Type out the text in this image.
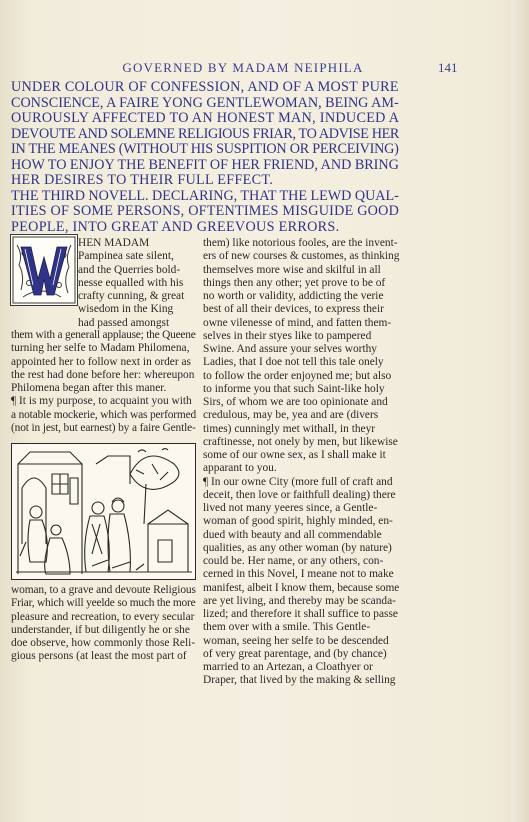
GOVERNED BY MADAM NEIPHILA	141
UNDER COLOUR OF CONFESSION, AND OF A MOST PURE
CONSCIENCE, A FAIRE YONG GENTLEWOMAN, BEING AM-
OUROUSLY AFFECTED TO AN HONEST MAN, INDUCED A
DEVOUTE AND SOLEMNE RELIGIOUS FRIAR, TO ADVISE HER
IN THE MEANES (WITHOUT HIS SUSPITION OR PERCEIVING)
HOW TO ENJOY THE BENEFIT OF HER FRIEND, AND BRING
HER DESIRES TO THEIR FULL EFFECT.
THE THIRD NOVELL. DECLARING, THAT THE LEWD QUAL-
ITIES OF SOME PERSONS, OFTENTIMES MISGUIDE GOOD
PEOPLE, INTO GREAT AND GREEVOUS ERRORS.
HEN MADAM
Pampinea sate silent,
and the Querries bold-
nesse equalled with his
crafty cunning, & great
wisedom in the King
had passed amongst
them with a generall applause; the Queene
turning her selfe to Madam Philomena,
appointed her to follow next in order as
the rest had done before her: whereupon
Philomena began after this maner.
¶ It is my purpose, to acquaint you with
a notable mockerie, which was performed
(not in jest, but earnest) by a faire Gentle-
woman, to a grave and devoute Religious
Friar, which will yeelde so much the more
pleasure and recreation, to every secular
understander, if but diligently he or she
doe observe, how commonly those Reli-
gious persons (at least the most part of
them) like notorious fooles, are the invent-
ers of new courses & customes, as thinking
themselves more wise and skilful in all
things then any other; yet prove to be of
no worth or validity, addicting the verie
best of all their devices, to express their
owne vilenesse of mind, and fatten them-
selves in their styes like to pampered
Swine. And assure your selves worthy
Ladies, that I doe not tell this tale onely
to follow the order enjoyned me; but also
to informe you that such Saint-like holy
Sirs, of whom we are too opinionate and
credulous, may be, yea and are (divers
times) cunningly met withall, in theyr
craftinesse, not onely by men, but likewise
some of our owne sex, as I shall make it
apparant to you.
¶ In our owne City (more full of craft and
deceit, then love or faithfull dealing) there
lived not many yeeres since, a Gentle-
woman of good spirit, highly minded, en-
dued with beauty and all commendable
qualities, as any other woman (by nature)
could be. Her name, or any others, con-
cerned in this Novel, I meane not to make
manifest, albeit I know them, because some
are yet living, and thereby may be scanda-
lized; and therefore it shall suffice to passe
them over with a smile. This Gentle-
woman, seeing her selfe to be descended
of very great parentage, and (by chance)
married to an Artezan, a Cloathyer or
Draper, that lived by the making & selling
